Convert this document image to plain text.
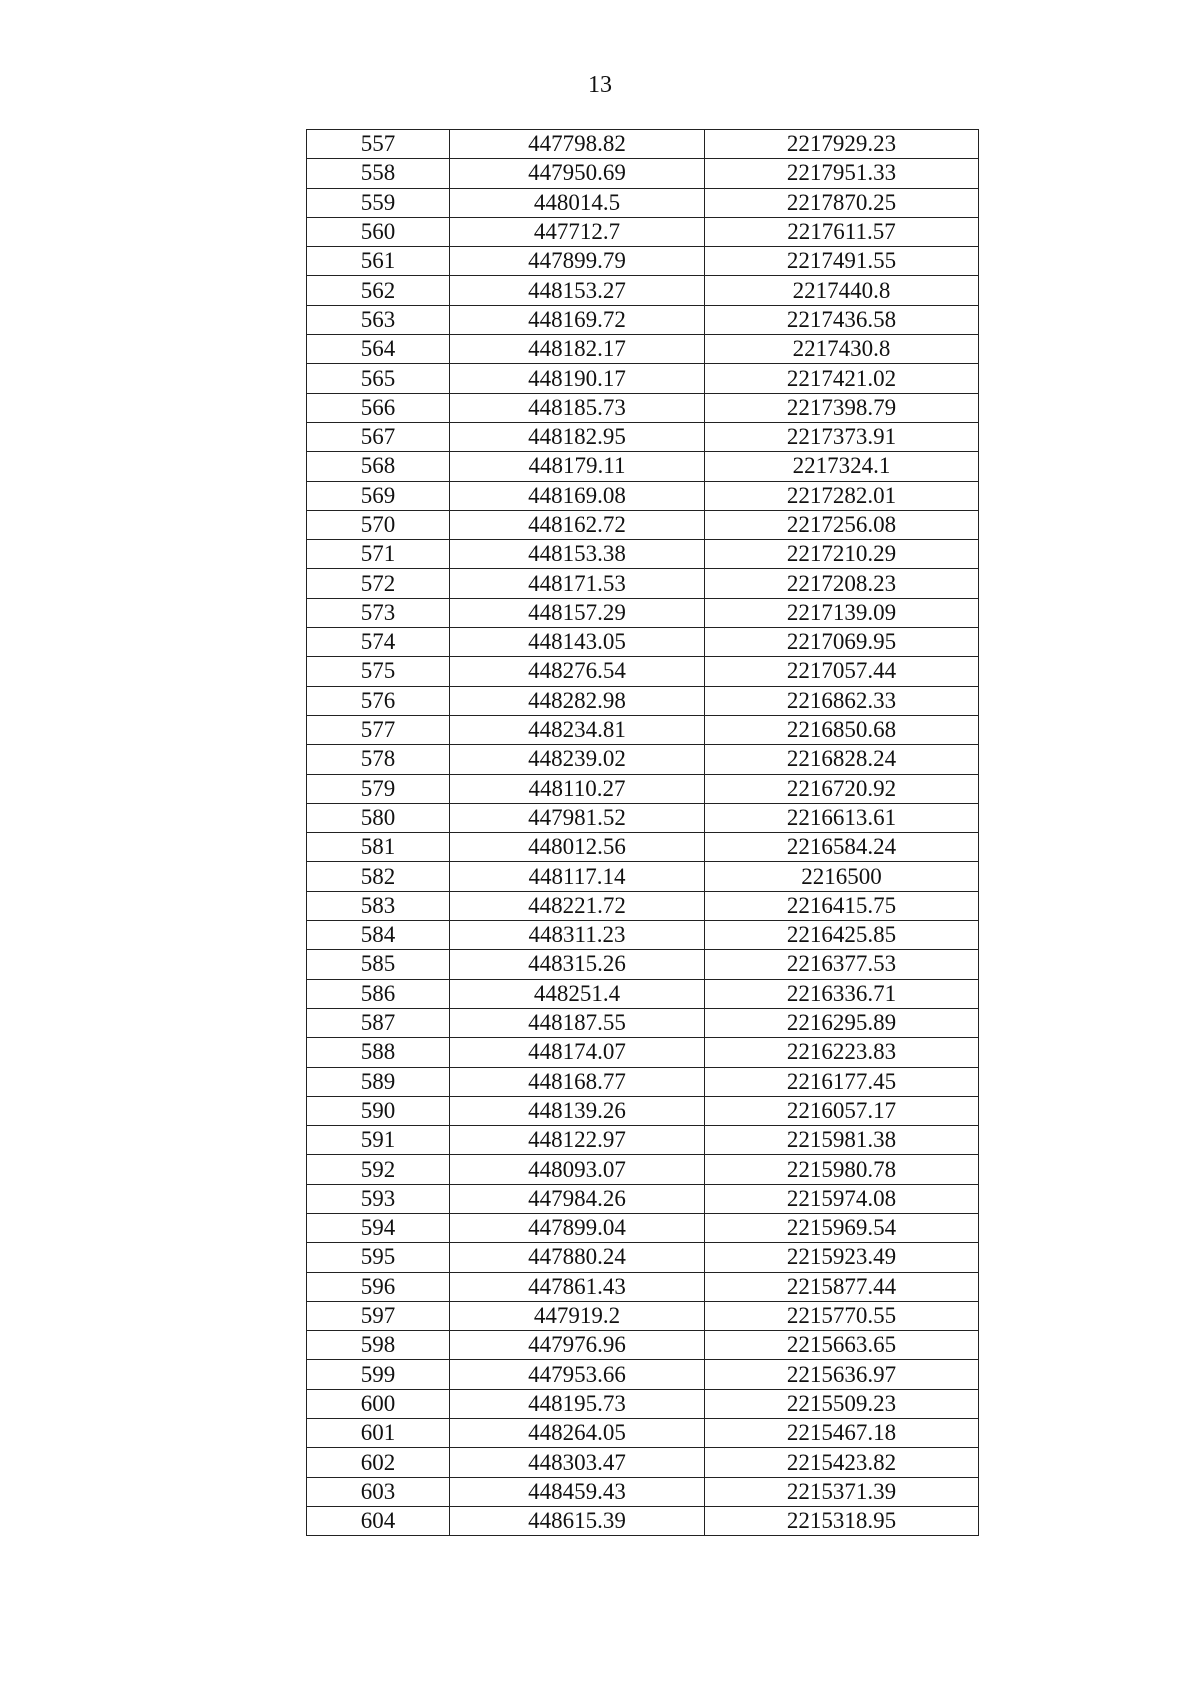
13
557	447798.82	2217929.23
558	447950.69	2217951.33
559	448014.5	2217870.25
560	447712.7	2217611.57
561	447899.79	2217491.55
562	448153.27	2217440.8
563	448169.72	2217436.58
564	448182.17	2217430.8
565	448190.17	2217421.02
566	448185.73	2217398.79
567	448182.95	2217373.91
568	448179.11	2217324.1
569	448169.08	2217282.01
570	448162.72	2217256.08
571	448153.38	2217210.29
572	448171.53	2217208.23
573	448157.29	2217139.09
574	448143.05	2217069.95
575	448276.54	2217057.44
576	448282.98	2216862.33
577	448234.81	2216850.68
578	448239.02	2216828.24
579	448110.27	2216720.92
580	447981.52	2216613.61
581	448012.56	2216584.24
582	448117.14	2216500
583	448221.72	2216415.75
584	448311.23	2216425.85
585	448315.26	2216377.53
586	448251.4	2216336.71
587	448187.55	2216295.89
588	448174.07	2216223.83
589	448168.77	2216177.45
590	448139.26	2216057.17
591	448122.97	2215981.38
592	448093.07	2215980.78
593	447984.26	2215974.08
594	447899.04	2215969.54
595	447880.24	2215923.49
596	447861.43	2215877.44
597	447919.2	2215770.55
598	447976.96	2215663.65
599	447953.66	2215636.97
600	448195.73	2215509.23
601	448264.05	2215467.18
602	448303.47	2215423.82
603	448459.43	2215371.39
604	448615.39	2215318.95
